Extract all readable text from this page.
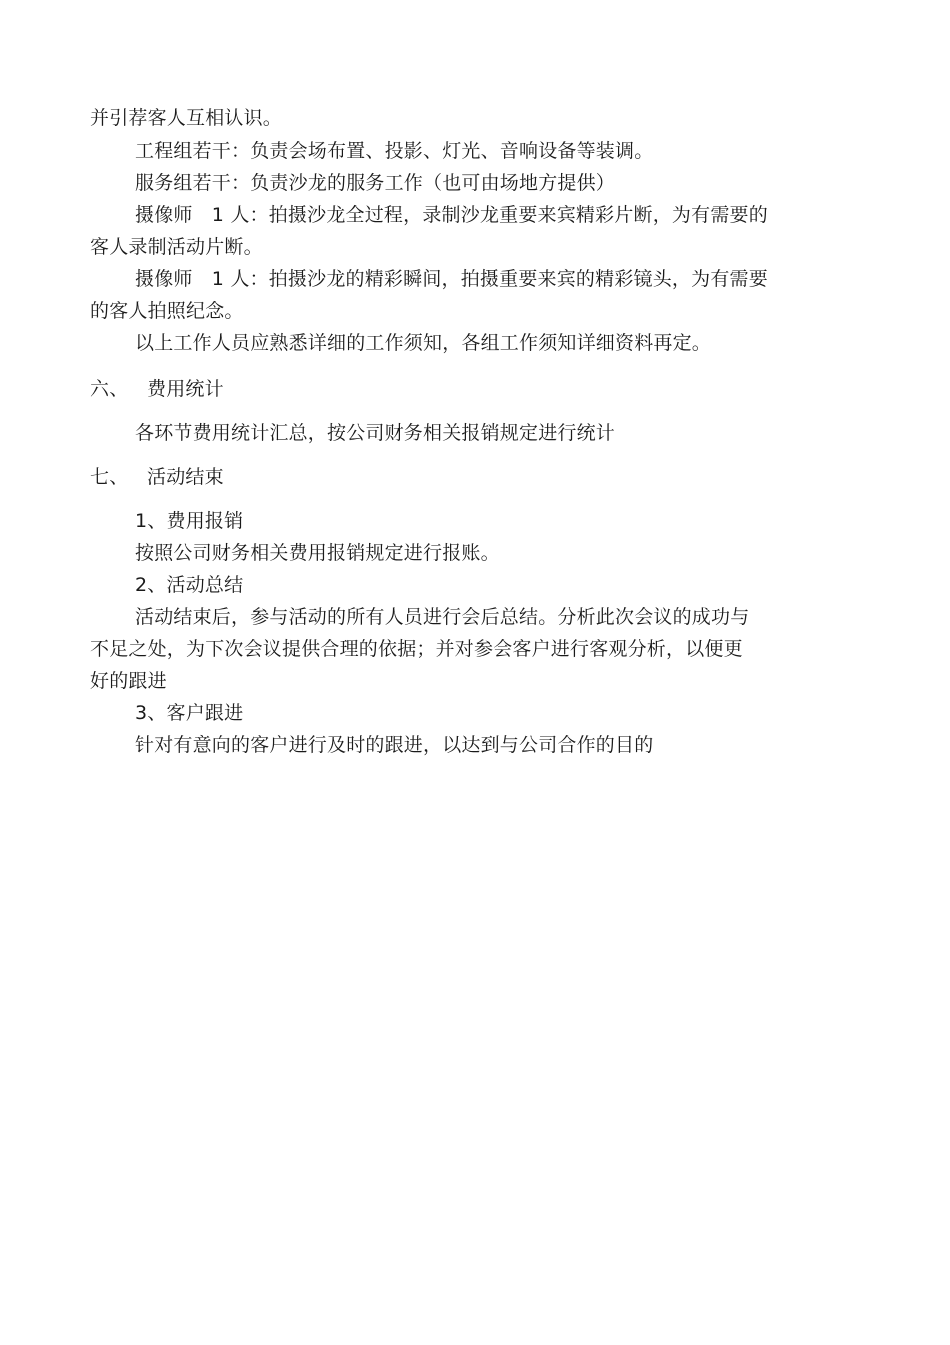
并引荐客人互相认识。
工程组若干：负责会场布置、投影、灯光、音响设备等装调。
服务组若干：负责沙龙的服务工作（也可由场地方提供）
摄像师　1 人：拍摄沙龙全过程，录制沙龙重要来宾精彩片断，为有需要的
客人录制活动片断。
摄像师　1 人：拍摄沙龙的精彩瞬间，拍摄重要来宾的精彩镜头，为有需要
的客人拍照纪念。
以上工作人员应熟悉详细的工作须知，各组工作须知详细资料再定。
六、 费用统计
各环节费用统计汇总，按公司财务相关报销规定进行统计
七、 活动结束
1、费用报销
按照公司财务相关费用报销规定进行报账。
2、活动总结
活动结束后，参与活动的所有人员进行会后总结。分析此次会议的成功与
不足之处，为下次会议提供合理的依据；并对参会客户进行客观分析，以便更
好的跟进
3、客户跟进
针对有意向的客户进行及时的跟进，以达到与公司合作的目的
